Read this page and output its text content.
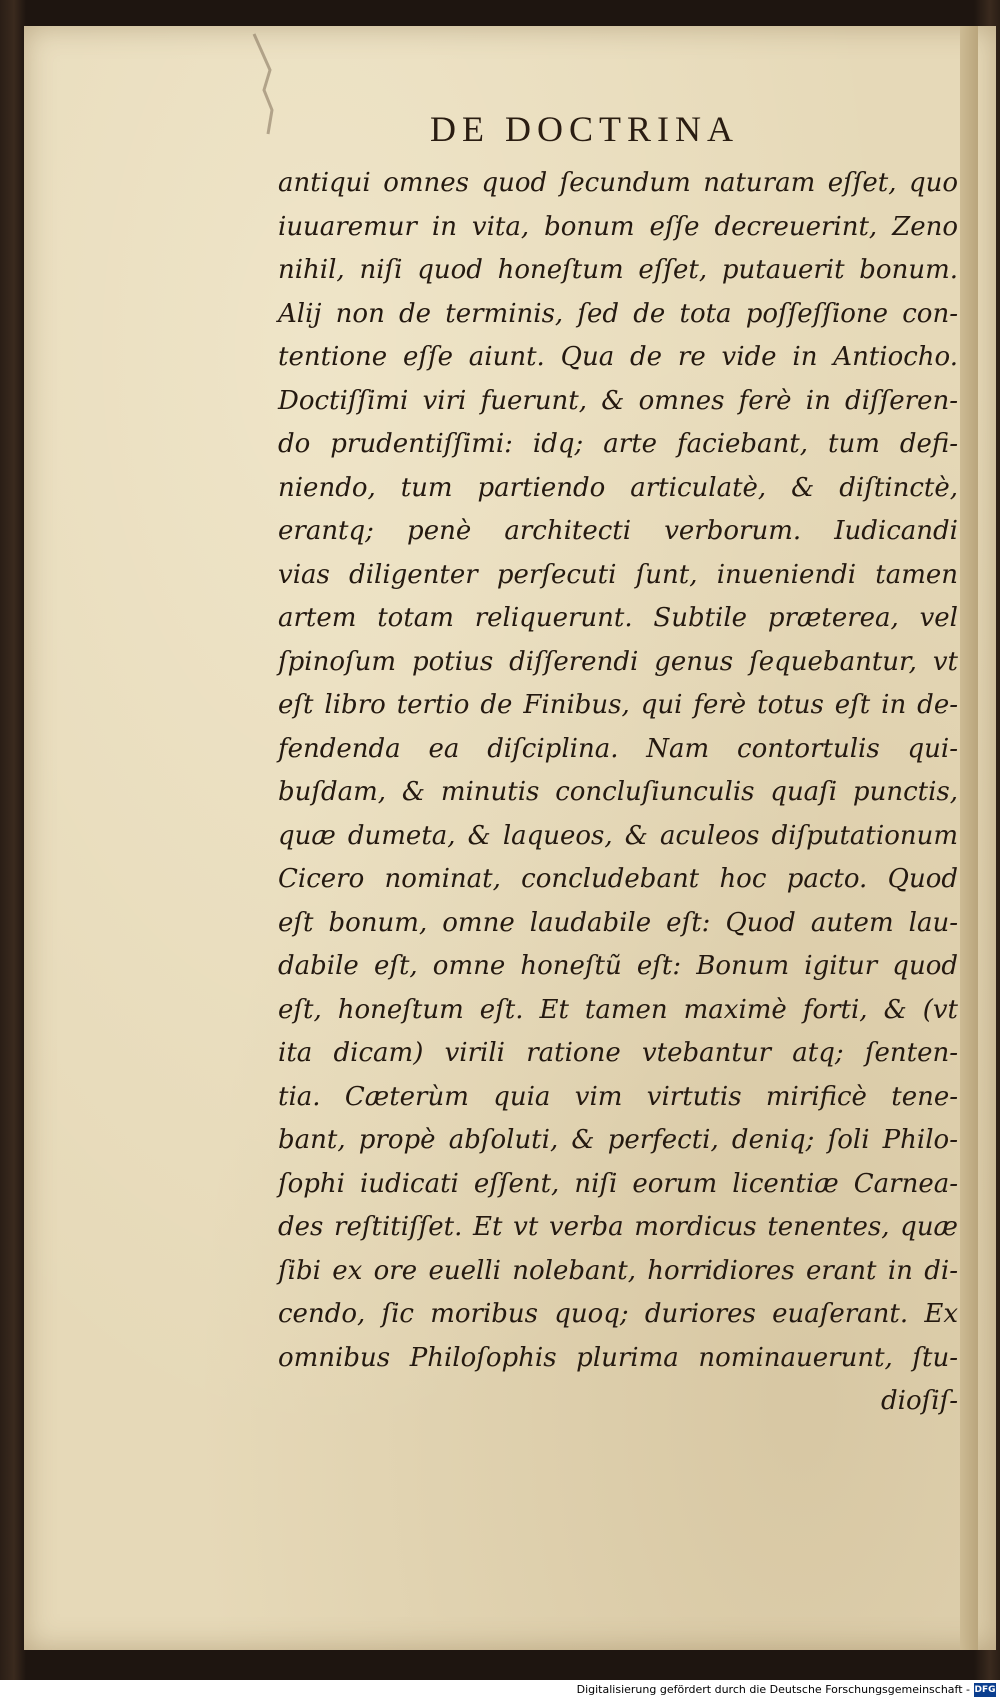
DE DOCTRINA
antiqui omnes quod ſecundum naturam eſſet, quo
iuuaremur in vita, bonum eſſe decreuerint, Zeno
nihil, niſi quod honeſtum eſſet, putauerit bonum.
Alij non de terminis, ſed de tota poſſeſſione con-
tentione eſſe aiunt. Qua de re vide in Antiocho.
Doctiſſimi viri fuerunt, & omnes ferè in diſſeren-
do prudentiſſimi: idq; arte faciebant, tum defi-
niendo, tum partiendo articulatè, & diſtinctè,
erantq; penè architecti verborum. Iudicandi
vias diligenter perſecuti ſunt, inueniendi tamen
artem totam reliquerunt. Subtile præterea, vel
ſpinoſum potius diſſerendi genus ſequebantur, vt
eſt libro tertio de Finibus, qui ferè totus eſt in de-
fendenda ea diſciplina. Nam contortulis qui-
buſdam, & minutis concluſiunculis quaſi punctis,
quæ dumeta, & laqueos, & aculeos diſputationum
Cicero nominat, concludebant hoc pacto. Quod
eſt bonum, omne laudabile eſt: Quod autem lau-
dabile eſt, omne honeſtũ eſt: Bonum igitur quod
eſt, honeſtum eſt. Et tamen maximè forti, & (vt
ita dicam) virili ratione vtebantur atq; ſenten-
tia. Cæterùm quia vim virtutis mirificè tene-
bant, propè abſoluti, & perfecti, deniq; ſoli Philo-
ſophi iudicati eſſent, niſi eorum licentiæ Carnea-
des reſtitiſſet. Et vt verba mordicus tenentes, quæ
ſibi ex ore euelli nolebant, horridiores erant in di-
cendo, ſic moribus quoq; duriores euaſerant. Ex
omnibus Philoſophis plurima nominauerunt, ſtu-
dioſiſ-
Digitalisierung gefördert durch die Deutsche Forschungsgemeinschaft - DFG
